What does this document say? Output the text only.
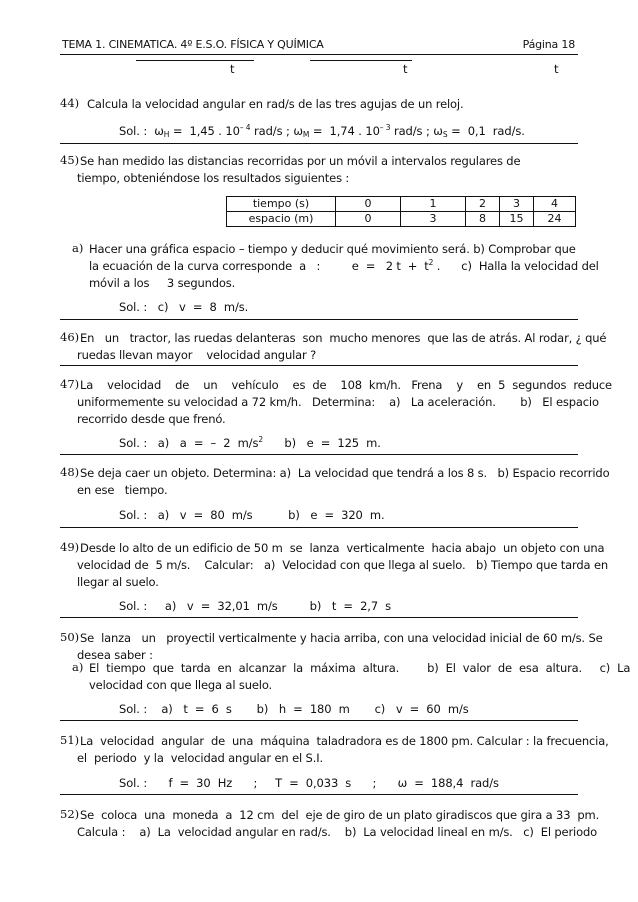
TEMA 1. CINEMATICA. 4º E.S.O. FÍSICA Y QUÍMICA	Página 18
t	t	t
44) Calcula la velocidad angular en rad/s de las tres agujas de un reloj.
Sol. : $\omega_H = 1,45$ . $10^{- 4}$ rad/s ; $\omega_M = 1,74$ . $10^{- 3}$ rad/s ; $\omega_S = 0,1$  rad/s.
45) Se han medido las distancias recorridas por un móvil a intervalos regulares de
tiempo, obteniéndose los resultados siguientes :
tiempo (s)	0	1	2	3	4
espacio (m)	0	3	8	15	24
a) Hacer una gráfica espacio – tiempo y deducir qué movimiento será. b) Comprobar que
la ecuación de la curva corresponde  a   :         e  =   2 $t + t^2$ .      c)  Halla la velocidad del
móvil a los     3 segundos.
Sol. :   c)   v  =  8  m/s.
46) En   un   tractor, las ruedas delanteras  son  mucho menores  que las de atrás. Al rodar, ¿ qué
ruedas llevan mayor    velocidad angular ?
47) La    velocidad    de    un    vehículo    es  de    108  km/h.   Frena    y    en  5  segundos  reduce
uniformemente su velocidad a 72 km/h.   Determina:    a)   La aceleración.       b)   El espacio
recorrido desde que frenó.
Sol. :   a)   a  =  –  2  $m/s^2$      b)   e  =  125  m.
48) Se deja caer un objeto. Determina: a)  La velocidad que tendrá a los 8 s.   b) Espacio recorrido
en ese   tiempo.
Sol. :   a)   v  =  80  m/s          b)   e  =  320  m.
49) Desde lo alto de un edificio de 50 m  se  lanza  verticalmente  hacia abajo  un objeto con una
velocidad de  5 m/s.    Calcular:   a)  Velocidad con que llega al suelo.   b) Tiempo que tarda en
llegar al suelo.
Sol. :     a)   v  =  32,01  m/s         b)   t  =  2,7  s
50) Se  lanza   un   proyectil verticalmente y hacia arriba, con una velocidad inicial de 60 m/s. Se
desea saber :
a) El  tiempo  que  tarda  en  alcanzar  la  máxima  altura.        b)  El  valor  de  esa  altura.     c)  La
velocidad con que llega al suelo.
Sol. :    a)   t  =  6  s       b)   h  =  180  m       c)   v  =  60  m/s
51) La  velocidad  angular  de  una  máquina  taladradora es de 1800 pm. Calcular : la frecuencia,
el  periodo  y la  velocidad angular en el S.I.
Sol. :      f  =  30  Hz      ;     T  =  0,033  s      ;      ω  =  188,4  rad/s
52) Se  coloca  una  moneda  a  12 cm  del  eje de giro de un plato giradiscos que gira a 33  pm.
Calcula :    a)  La  velocidad angular en rad/s.    b)  La velocidad lineal en m/s.   c)  El periodo
